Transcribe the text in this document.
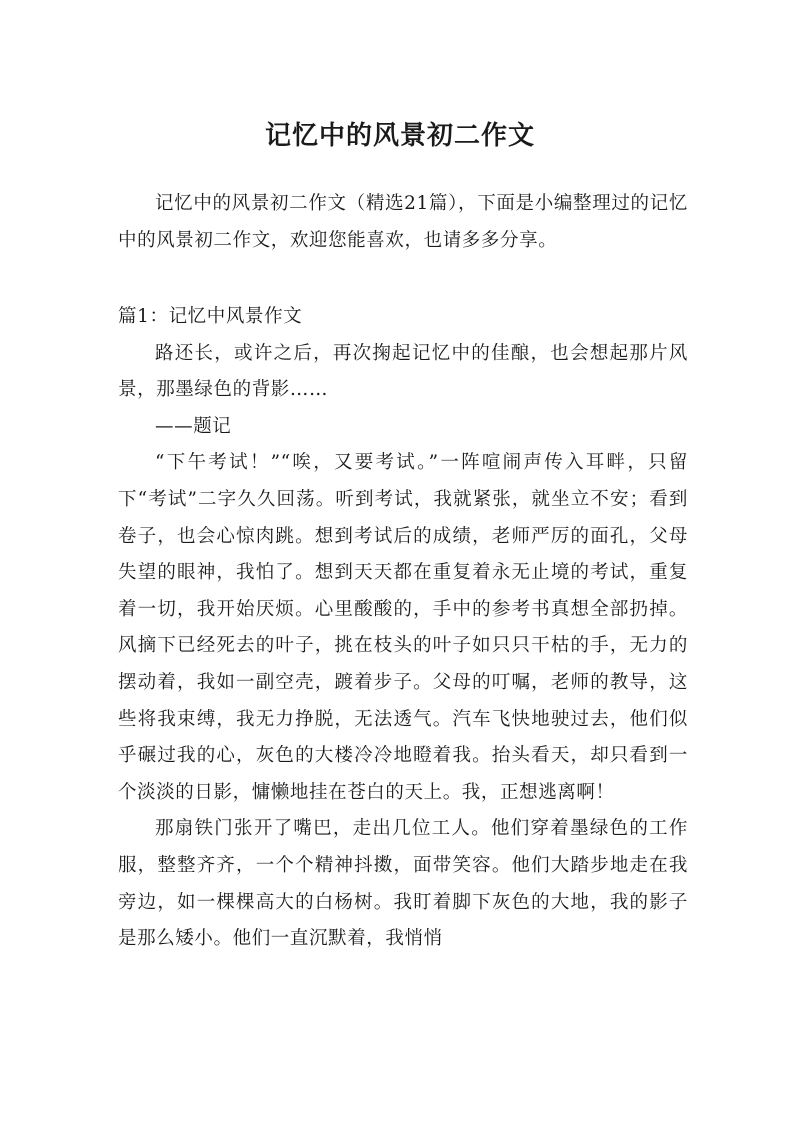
记忆中的风景初二作文

记忆中的风景初二作文（精选21篇），下面是小编整理过的记忆中的风景初二作文，欢迎您能喜欢，也请多多分享。

篇1：记忆中风景作文

路还长，或许之后，再次掬起记忆中的佳酿，也会想起那片风景，那墨绿色的背影……

——题记

“下午考试！”“唉，又要考试。”一阵喧闹声传入耳畔，只留下“考试”二字久久回荡。听到考试，我就紧张，就坐立不安；看到卷子，也会心惊肉跳。想到考试后的成绩，老师严厉的面孔，父母失望的眼神，我怕了。想到天天都在重复着永无止境的考试，重复着一切，我开始厌烦。心里酸酸的，手中的参考书真想全部扔掉。风摘下已经死去的叶子，挑在枝头的叶子如只只干枯的手，无力的摆动着，我如一副空壳，踱着步子。父母的叮嘱，老师的教导，这些将我束缚，我无力挣脱，无法透气。汽车飞快地驶过去，他们似乎碾过我的心，灰色的大楼冷冷地瞪着我。抬头看天，却只看到一个淡淡的日影，慵懒地挂在苍白的天上。我，正想逃离啊！

那扇铁门张开了嘴巴，走出几位工人。他们穿着墨绿色的工作服，整整齐齐，一个个精神抖擞，面带笑容。他们大踏步地走在我旁边，如一棵棵高大的白杨树。我盯着脚下灰色的大地，我的影子是那么矮小。他们一直沉默着，我悄悄
